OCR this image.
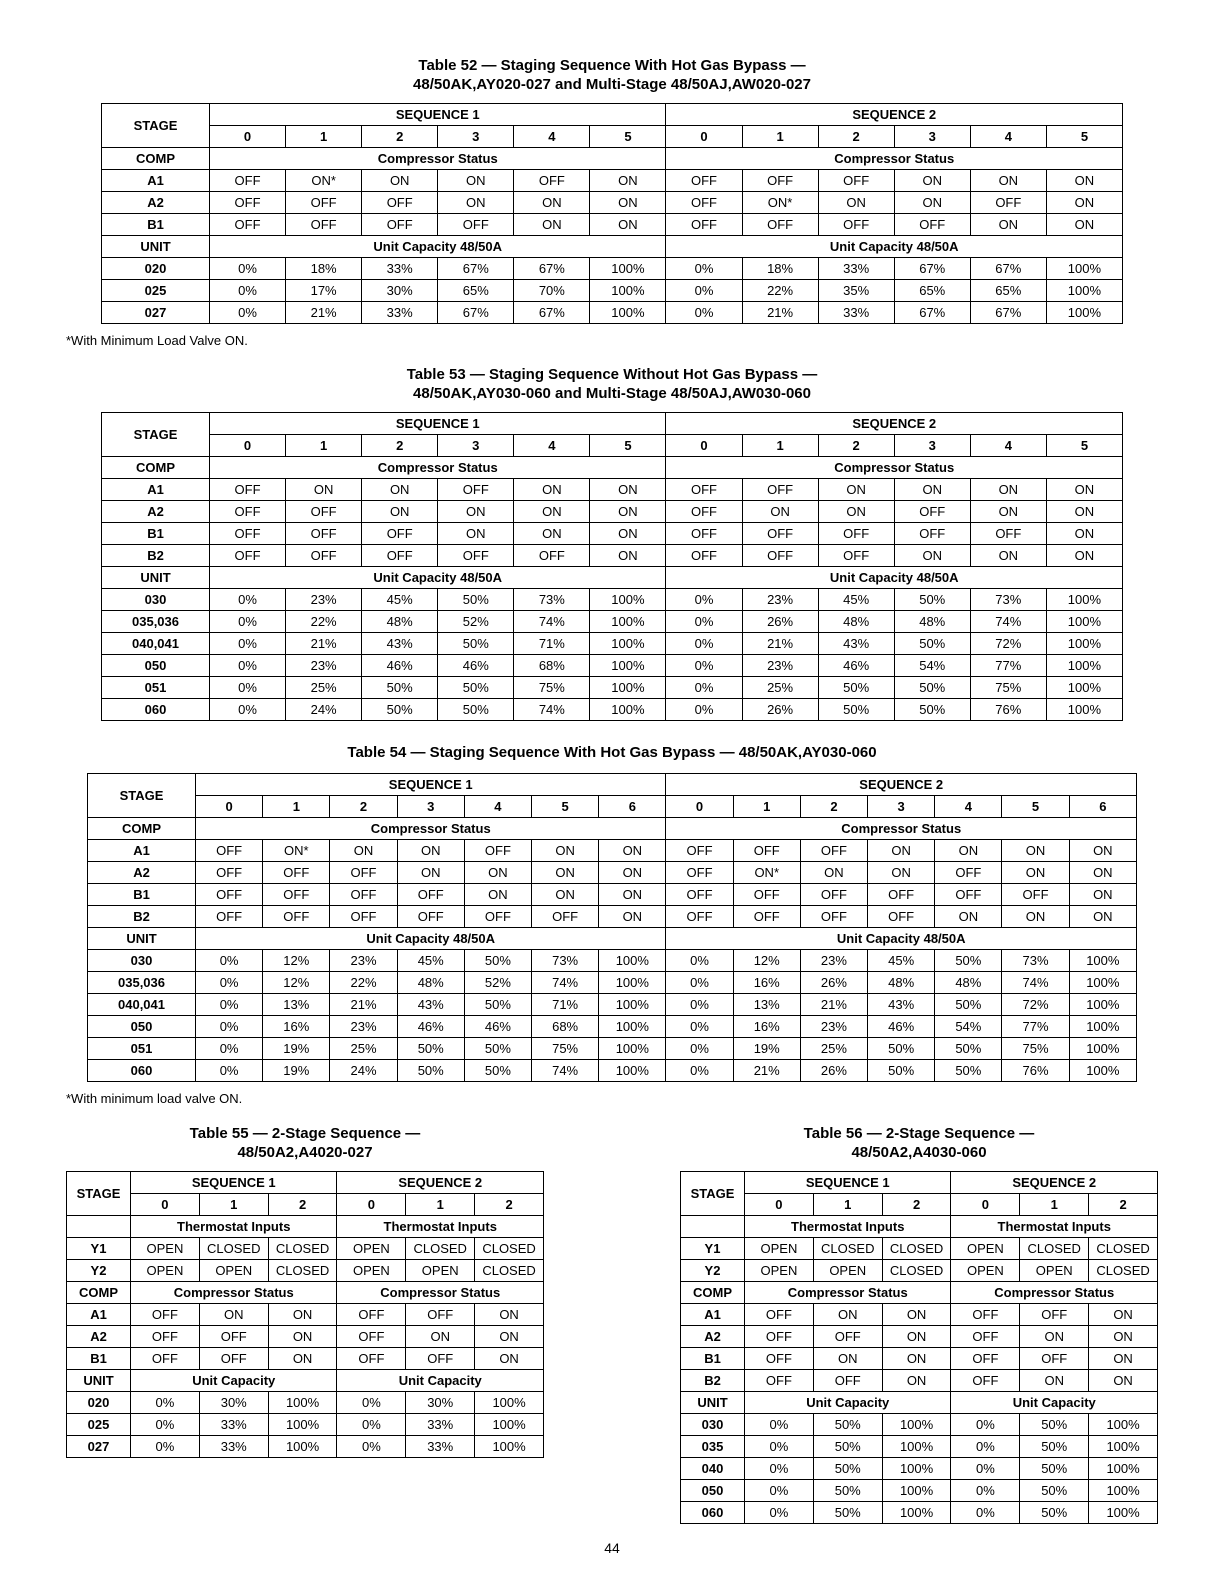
Table 52 — Staging Sequence With Hot Gas Bypass —
48/50AK,AY020-027 and Multi-Stage 48/50AJ,AW020-027
STAGE	SEQUENCE 1						SEQUENCE 2					
	0	1	2	3	4	5	0	1	2	3	4	5
COMP	Compressor Status						Compressor Status					
A1	OFF	ON*	ON	ON	OFF	ON	OFF	OFF	OFF	ON	ON	ON
A2	OFF	OFF	OFF	ON	ON	ON	OFF	ON*	ON	ON	OFF	ON
B1	OFF	OFF	OFF	OFF	ON	ON	OFF	OFF	OFF	OFF	ON	ON
UNIT	Unit Capacity 48/50A						Unit Capacity 48/50A					
020	0%	18%	33%	67%	67%	100%	0%	18%	33%	67%	67%	100%
025	0%	17%	30%	65%	70%	100%	0%	22%	35%	65%	65%	100%
027	0%	21%	33%	67%	67%	100%	0%	21%	33%	67%	67%	100%
*With Minimum Load Valve ON.
Table 53 — Staging Sequence Without Hot Gas Bypass —
48/50AK,AY030-060 and Multi-Stage 48/50AJ,AW030-060
STAGE	SEQUENCE 1						SEQUENCE 2					
	0	1	2	3	4	5	0	1	2	3	4	5
COMP	Compressor Status						Compressor Status					
A1	OFF	ON	ON	OFF	ON	ON	OFF	OFF	ON	ON	ON	ON
A2	OFF	OFF	ON	ON	ON	ON	OFF	ON	ON	OFF	ON	ON
B1	OFF	OFF	OFF	ON	ON	ON	OFF	OFF	OFF	OFF	OFF	ON
B2	OFF	OFF	OFF	OFF	OFF	ON	OFF	OFF	OFF	ON	ON	ON
UNIT	Unit Capacity 48/50A						Unit Capacity 48/50A					
030	0%	23%	45%	50%	73%	100%	0%	23%	45%	50%	73%	100%
035,036	0%	22%	48%	52%	74%	100%	0%	26%	48%	48%	74%	100%
040,041	0%	21%	43%	50%	71%	100%	0%	21%	43%	50%	72%	100%
050	0%	23%	46%	46%	68%	100%	0%	23%	46%	54%	77%	100%
051	0%	25%	50%	50%	75%	100%	0%	25%	50%	50%	75%	100%
060	0%	24%	50%	50%	74%	100%	0%	26%	50%	50%	76%	100%
Table 54 — Staging Sequence With Hot Gas Bypass — 48/50AK,AY030-060
STAGE	SEQUENCE 1							SEQUENCE 2						
	0	1	2	3	4	5	6	0	1	2	3	4	5	6
COMP	Compressor Status							Compressor Status						
A1	OFF	ON*	ON	ON	OFF	ON	ON	OFF	OFF	OFF	ON	ON	ON	ON
A2	OFF	OFF	OFF	ON	ON	ON	ON	OFF	ON*	ON	ON	OFF	ON	ON
B1	OFF	OFF	OFF	OFF	ON	ON	ON	OFF	OFF	OFF	OFF	OFF	OFF	ON
B2	OFF	OFF	OFF	OFF	OFF	OFF	ON	OFF	OFF	OFF	OFF	ON	ON	ON
UNIT	Unit Capacity 48/50A							Unit Capacity 48/50A						
030	0%	12%	23%	45%	50%	73%	100%	0%	12%	23%	45%	50%	73%	100%
035,036	0%	12%	22%	48%	52%	74%	100%	0%	16%	26%	48%	48%	74%	100%
040,041	0%	13%	21%	43%	50%	71%	100%	0%	13%	21%	43%	50%	72%	100%
050	0%	16%	23%	46%	46%	68%	100%	0%	16%	23%	46%	54%	77%	100%
051	0%	19%	25%	50%	50%	75%	100%	0%	19%	25%	50%	50%	75%	100%
060	0%	19%	24%	50%	50%	74%	100%	0%	21%	26%	50%	50%	76%	100%
*With minimum load valve ON.
Table 55 — 2-Stage Sequence —
48/50A2,A4020-027
STAGE	SEQUENCE 1			SEQUENCE 2		
	0	1	2	0	1	2
	Thermostat Inputs			Thermostat Inputs		
Y1	OPEN	CLOSED	CLOSED	OPEN	CLOSED	CLOSED
Y2	OPEN	OPEN	CLOSED	OPEN	OPEN	CLOSED
COMP	Compressor Status			Compressor Status		
A1	OFF	ON	ON	OFF	OFF	ON
A2	OFF	OFF	ON	OFF	ON	ON
B1	OFF	OFF	ON	OFF	OFF	ON
UNIT	Unit Capacity			Unit Capacity		
020	0%	30%	100%	0%	30%	100%
025	0%	33%	100%	0%	33%	100%
027	0%	33%	100%	0%	33%	100%
Table 56 — 2-Stage Sequence —
48/50A2,A4030-060
STAGE	SEQUENCE 1			SEQUENCE 2		
	0	1	2	0	1	2
	Thermostat Inputs			Thermostat Inputs		
Y1	OPEN	CLOSED	CLOSED	OPEN	CLOSED	CLOSED
Y2	OPEN	OPEN	CLOSED	OPEN	OPEN	CLOSED
COMP	Compressor Status			Compressor Status		
A1	OFF	ON	ON	OFF	OFF	ON
A2	OFF	OFF	ON	OFF	ON	ON
B1	OFF	ON	ON	OFF	OFF	ON
B2	OFF	OFF	ON	OFF	ON	ON
UNIT	Unit Capacity			Unit Capacity		
030	0%	50%	100%	0%	50%	100%
035	0%	50%	100%	0%	50%	100%
040	0%	50%	100%	0%	50%	100%
050	0%	50%	100%	0%	50%	100%
060	0%	50%	100%	0%	50%	100%
44
